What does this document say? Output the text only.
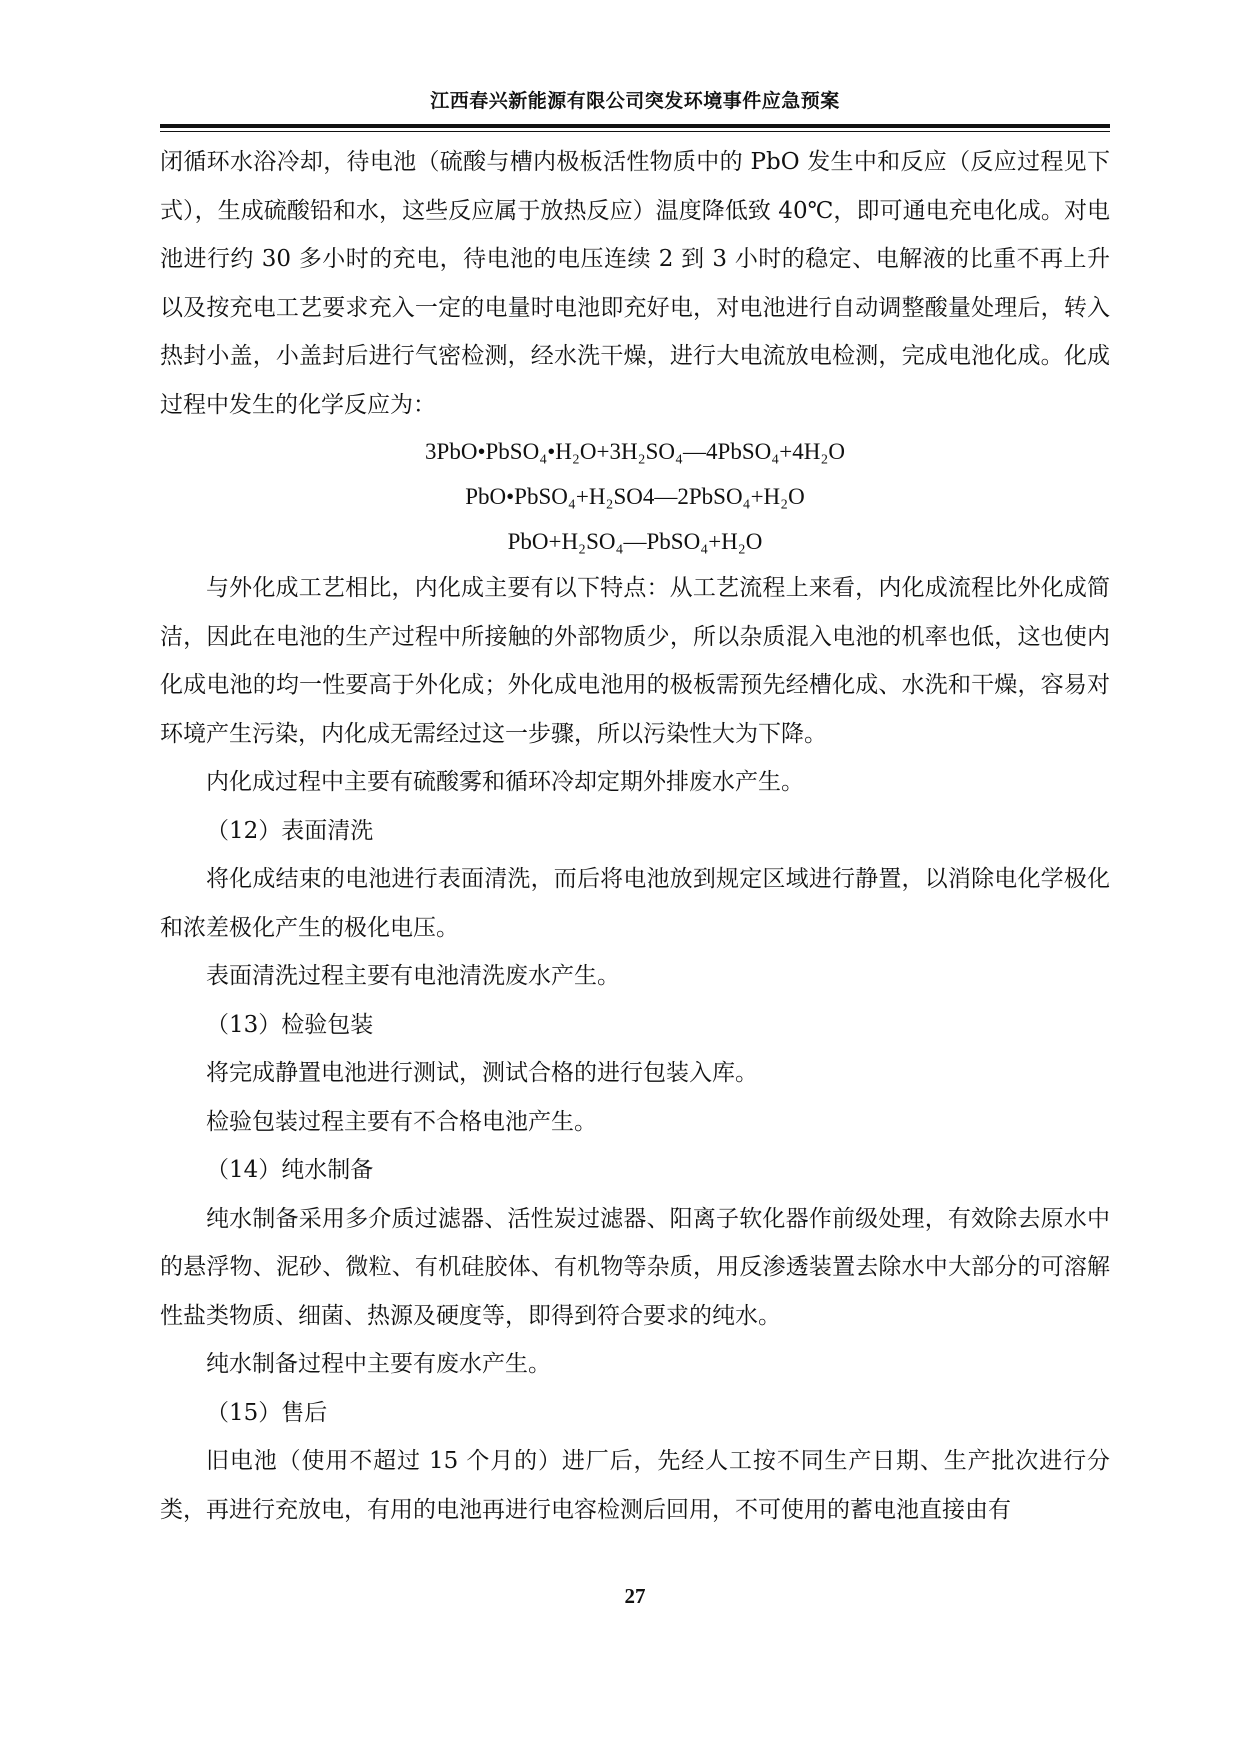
江西春兴新能源有限公司突发环境事件应急预案
闭循环水浴冷却，待电池（硫酸与槽内极板活性物质中的 PbO 发生中和反应（反应过程见下式），生成硫酸铅和水，这些反应属于放热反应）温度降低致 40℃，即可通电充电化成。对电池进行约 30 多小时的充电，待电池的电压连续 2 到 3 小时的稳定、电解液的比重不再上升以及按充电工艺要求充入一定的电量时电池即充好电，对电池进行自动调整酸量处理后，转入热封小盖，小盖封后进行气密检测，经水洗干燥，进行大电流放电检测，完成电池化成。化成过程中发生的化学反应为：
3PbO•PbSO₄•H₂O+3H₂SO₄—4PbSO₄+4H₂O
PbO•PbSO₄+H₂SO4—2PbSO₄+H₂O
PbO+H₂SO₄—PbSO₄+H₂O
与外化成工艺相比，内化成主要有以下特点：从工艺流程上来看，内化成流程比外化成简洁，因此在电池的生产过程中所接触的外部物质少，所以杂质混入电池的机率也低，这也使内化成电池的均一性要高于外化成；外化成电池用的极板需预先经槽化成、水洗和干燥，容易对环境产生污染，内化成无需经过这一步骤，所以污染性大为下降。
内化成过程中主要有硫酸雾和循环冷却定期外排废水产生。
（12）表面清洗
将化成结束的电池进行表面清洗，而后将电池放到规定区域进行静置，以消除电化学极化和浓差极化产生的极化电压。
表面清洗过程主要有电池清洗废水产生。
（13）检验包装
将完成静置电池进行测试，测试合格的进行包装入库。
检验包装过程主要有不合格电池产生。
（14）纯水制备
纯水制备采用多介质过滤器、活性炭过滤器、阳离子软化器作前级处理，有效除去原水中的悬浮物、泥砂、微粒、有机硅胶体、有机物等杂质，用反渗透装置去除水中大部分的可溶解性盐类物质、细菌、热源及硬度等，即得到符合要求的纯水。
纯水制备过程中主要有废水产生。
（15）售后
旧电池（使用不超过 15 个月的）进厂后，先经人工按不同生产日期、生产批次进行分类，再进行充放电，有用的电池再进行电容检测后回用，不可使用的蓄电池直接由有
27
